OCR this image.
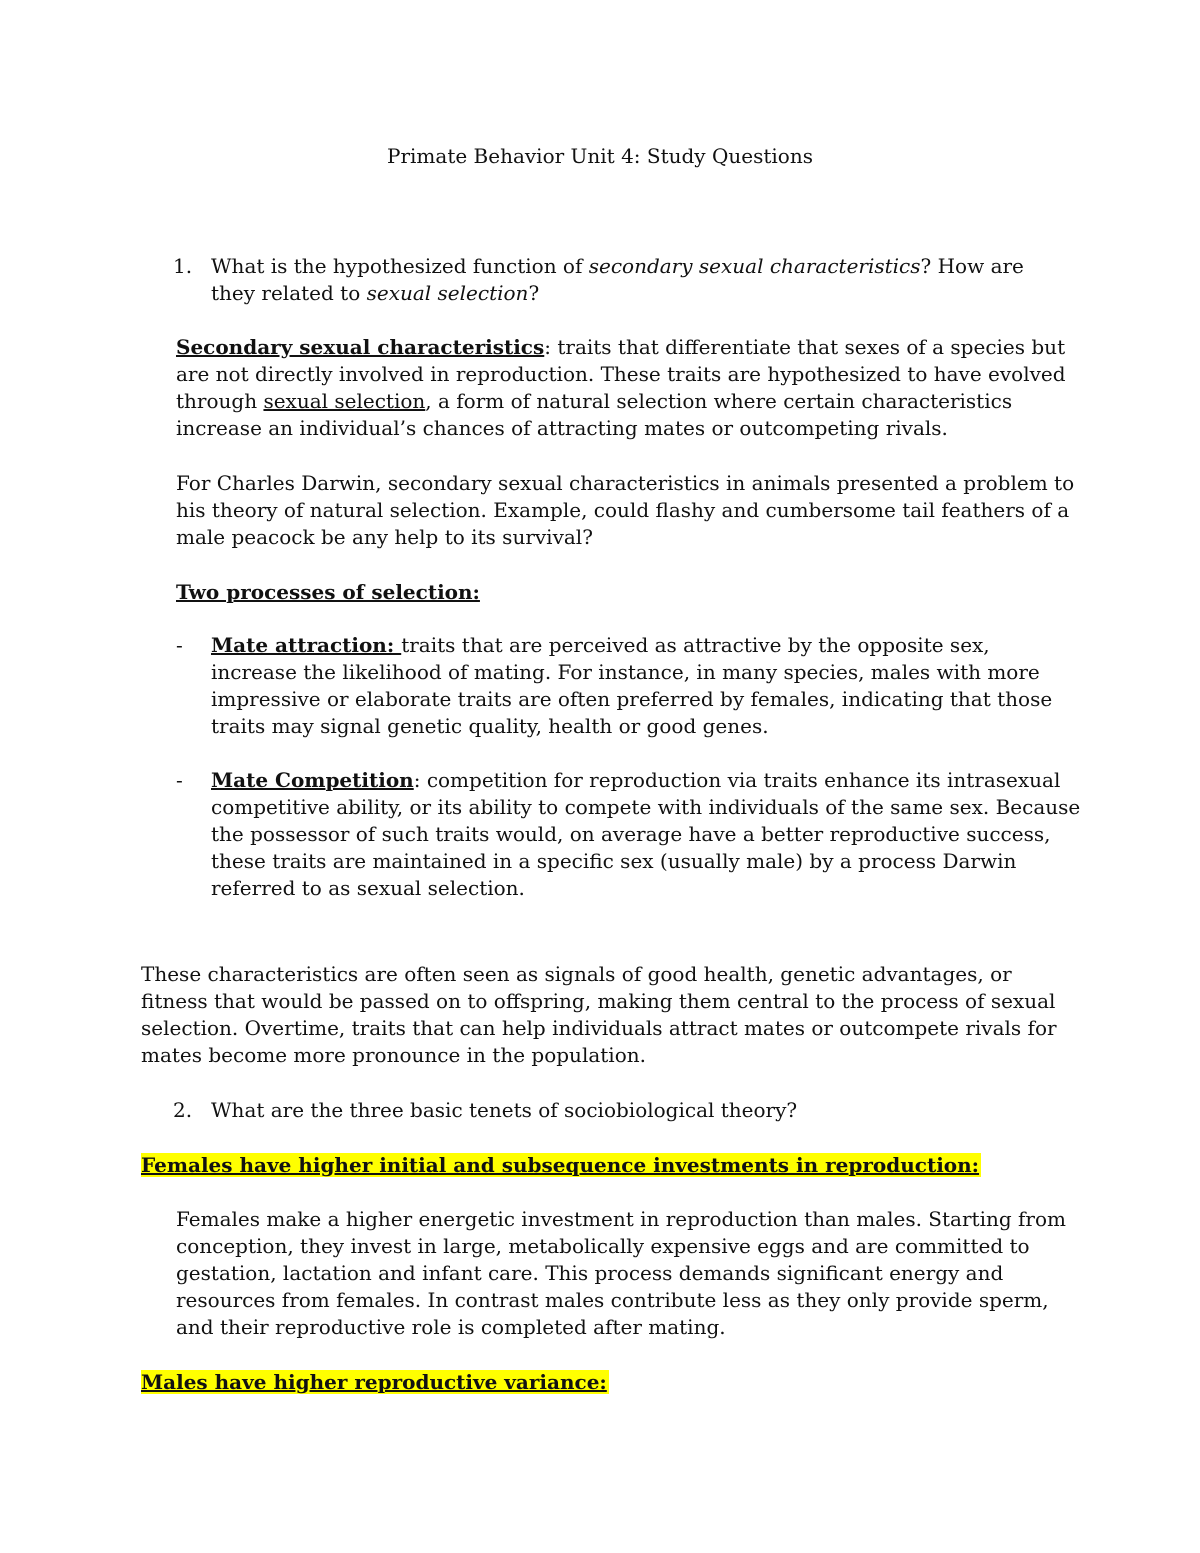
Primate Behavior Unit 4: Study Questions

1. What is the hypothesized function of secondary sexual characteristics? How are they related to sexual selection?

Secondary sexual characteristics: traits that differentiate that sexes of a species but are not directly involved in reproduction. These traits are hypothesized to have evolved through sexual selection, a form of natural selection where certain characteristics increase an individual’s chances of attracting mates or outcompeting rivals.

For Charles Darwin, secondary sexual characteristics in animals presented a problem to his theory of natural selection. Example, could flashy and cumbersome tail feathers of a male peacock be any help to its survival?

Two processes of selection:

- Mate attraction: traits that are perceived as attractive by the opposite sex, increase the likelihood of mating. For instance, in many species, males with more impressive or elaborate traits are often preferred by females, indicating that those traits may signal genetic quality, health or good genes.

- Mate Competition: competition for reproduction via traits enhance its intrasexual competitive ability, or its ability to compete with individuals of the same sex. Because the possessor of such traits would, on average have a better reproductive success, these traits are maintained in a specific sex (usually male) by a process Darwin referred to as sexual selection.

These characteristics are often seen as signals of good health, genetic advantages, or fitness that would be passed on to offspring, making them central to the process of sexual selection. Overtime, traits that can help individuals attract mates or outcompete rivals for mates become more pronounce in the population.

2. What are the three basic tenets of sociobiological theory?

Females have higher initial and subsequence investments in reproduction:

Females make a higher energetic investment in reproduction than males. Starting from conception, they invest in large, metabolically expensive eggs and are committed to gestation, lactation and infant care. This process demands significant energy and resources from females. In contrast males contribute less as they only provide sperm, and their reproductive role is completed after mating.

Males have higher reproductive variance:
